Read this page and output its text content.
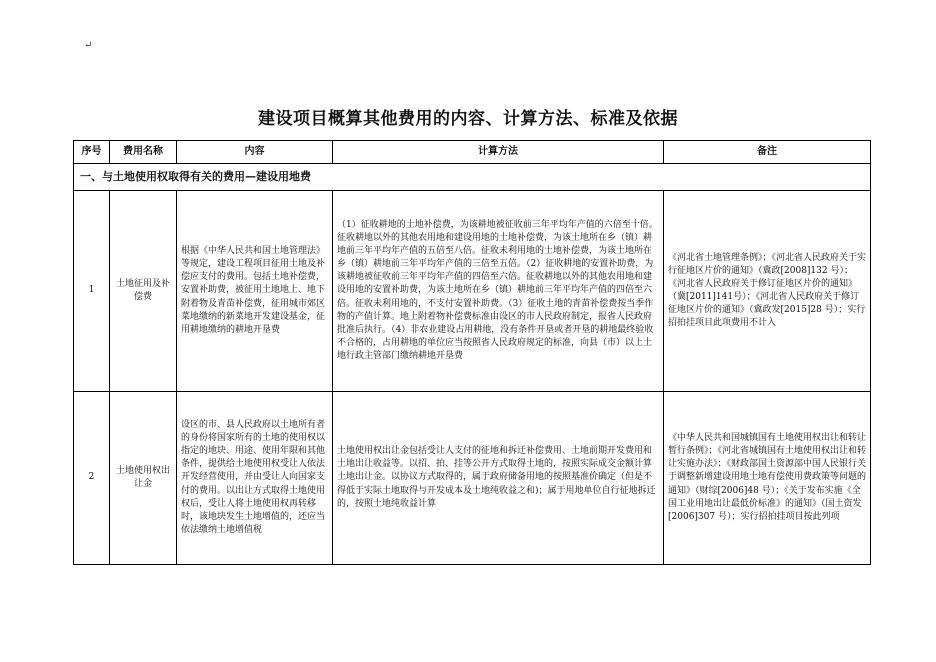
↵
建设项目概算其他费用的内容、计算方法、标准及依据
序号	费用名称	内容	计算方法	备注
一、与土地使用权取得有关的费用—建设用地费				
1	土地征用及补偿费	根据《中华人民共和国土地管理法》等规定，建设工程项目征用土地及补偿应支付的费用。包括土地补偿费，安置补助费，被征用土地地上、地下附着物及青苗补偿费，征用城市郊区菜地缴纳的新菜地开发建设基金，征用耕地缴纳的耕地开垦费	（1）征收耕地的土地补偿费，为该耕地被征收前三年平均年产值的六倍至十倍。征收耕地以外的其他农用地和建设用地的土地补偿费，为该土地所在乡（镇）耕地前三年平均年产值的五倍至八倍。征收未利用地的土地补偿费，为该土地所在乡（镇）耕地前三年平均年产值的三倍至五倍。（2）征收耕地的安置补助费，为该耕地被征收前三年平均年产值的四倍至六倍。征收耕地以外的其他农用地和建设用地的安置补助费，为该土地所在乡（镇）耕地前三年平均年产值的四倍至六倍。征收未利用地的，不支付安置补助费。（3）征收土地的青苗补偿费按当季作物的产值计算。地上附着物补偿费标准由设区的市人民政府制定，报省人民政府批准后执行。（4）非农业建设占用耕地，没有条件开垦或者开垦的耕地最终验收不合格的，占用耕地的单位应当按照省人民政府规定的标准，向县（市）以上土地行政主管部门缴纳耕地开垦费	《河北省土地管理条例》；《河北省人民政府关于实行征地区片价的通知》（冀政[2008]132 号）；《河北省人民政府关于修订征地区片价的通知》（冀[2011]141号）；《河北省人民政府关于修订征地区片价的通知》（冀政发[2015]28 号）；实行招拍挂项目此项费用不计入
2	土地使用权出让金	设区的市、县人民政府以土地所有者的身份将国家所有的土地的使用权以指定的地块、用途、使用年限和其他条件，提供给土地使用权受让人依法开发经营使用，并由受让人向国家支付的费用。以出让方式取得土地使用权后，受让人将土地使用权再转移时，该地块发生土地增值的，还应当依法缴纳土地增值税	土地使用权出让金包括受让人支付的征地和拆迁补偿费用、土地前期开发费用和土地出让收益等。以招、拍、挂等公开方式取得土地的，按照实际成交金额计算土地出让金。以协议方式取得的，属于政府储备用地的按照基准价确定（但是不得低于实际土地取得与开发成本及土地纯收益之和)；属于用地单位自行征地拆迁的，按照土地纯收益计算	《中华人民共和国城镇国有土地使用权出让和转让暂行条例》；《河北省城镇国有土地使用权出让和转让实施办法》；《财政部国土资源部中国人民银行关于调整新增建设用地土地有偿使用费政策等问题的通知》（财综[2006]48 号）；《关于发布实施《全国工业用地出让最低价标准》的通知》（国土资发[2006]307 号）；实行招拍挂项目按此列项
